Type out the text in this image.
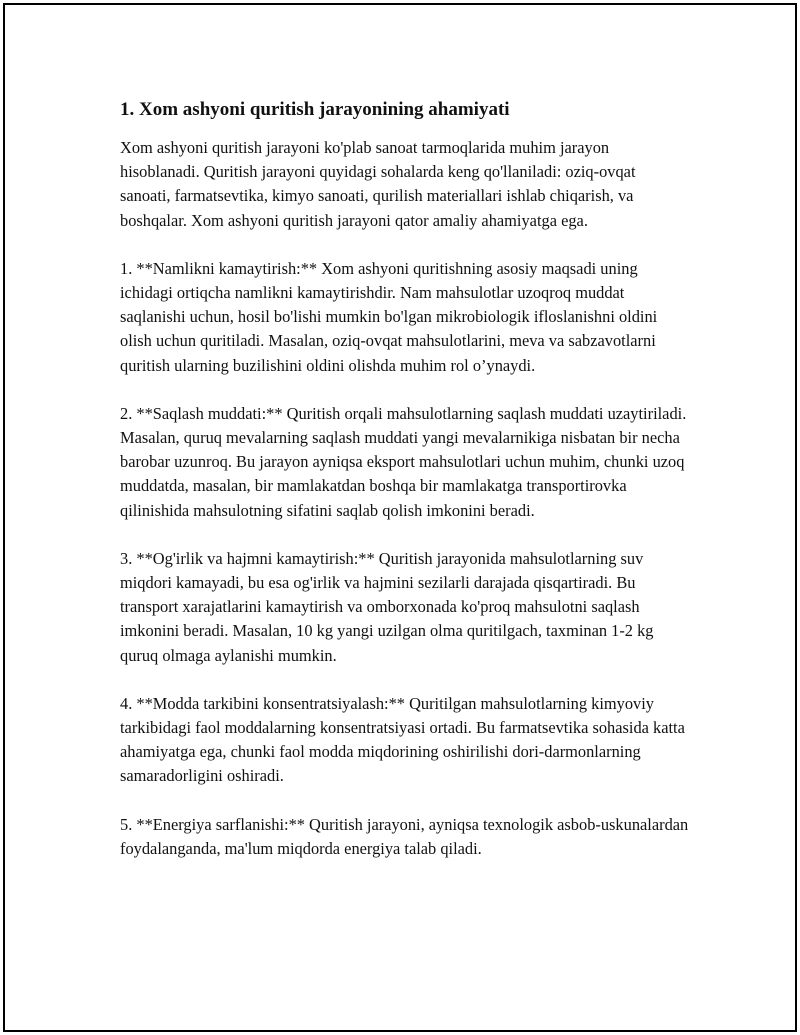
1. Xom ashyoni quritish jarayonining ahamiyati

Xom ashyoni quritish jarayoni ko'plab sanoat tarmoqlarida muhim jarayon hisoblanadi. Quritish jarayoni quyidagi sohalarda keng qo'llaniladi: oziq-ovqat sanoati, farmatsevtika, kimyo sanoati, qurilish materiallari ishlab chiqarish, va boshqalar. Xom ashyoni quritish jarayoni qator amaliy ahamiyatga ega.

1. **Namlikni kamaytirish:** Xom ashyoni quritishning asosiy maqsadi uning ichidagi ortiqcha namlikni kamaytirishdir. Nam mahsulotlar uzoqroq muddat saqlanishi uchun, hosil bo'lishi mumkin bo'lgan mikrobiologik ifloslanishni oldini olish uchun quritiladi. Masalan, oziq-ovqat mahsulotlarini, meva va sabzavotlarni quritish ularning buzilishini oldini olishda muhim rol o’ynaydi.

2. **Saqlash muddati:** Quritish orqali mahsulotlarning saqlash muddati uzaytiriladi. Masalan, quruq mevalarning saqlash muddati yangi mevalarnikiga nisbatan bir necha barobar uzunroq. Bu jarayon ayniqsa eksport mahsulotlari uchun muhim, chunki uzoq muddatda, masalan, bir mamlakatdan boshqa bir mamlakatga transportirovka qilinishida mahsulotning sifatini saqlab qolish imkonini beradi.

3. **Og'irlik va hajmni kamaytirish:** Quritish jarayonida mahsulotlarning suv miqdori kamayadi, bu esa og'irlik va hajmini sezilarli darajada qisqartiradi. Bu transport xarajatlarini kamaytirish va omborxonada ko'proq mahsulotni saqlash imkonini beradi. Masalan, 10 kg yangi uzilgan olma quritilgach, taxminan 1-2 kg quruq olmaga aylanishi mumkin.

4. **Modda tarkibini konsentratsiyalash:** Quritilgan mahsulotlarning kimyoviy tarkibidagi faol moddalarning konsentratsiyasi ortadi. Bu farmatsevtika sohasida katta ahamiyatga ega, chunki faol modda miqdorining oshirilishi dori-darmonlarning samaradorligini oshiradi.

5. **Energiya sarflanishi:** Quritish jarayoni, ayniqsa texnologik asbob-uskunalardan foydalanganda, ma'lum miqdorda energiya talab qiladi.
